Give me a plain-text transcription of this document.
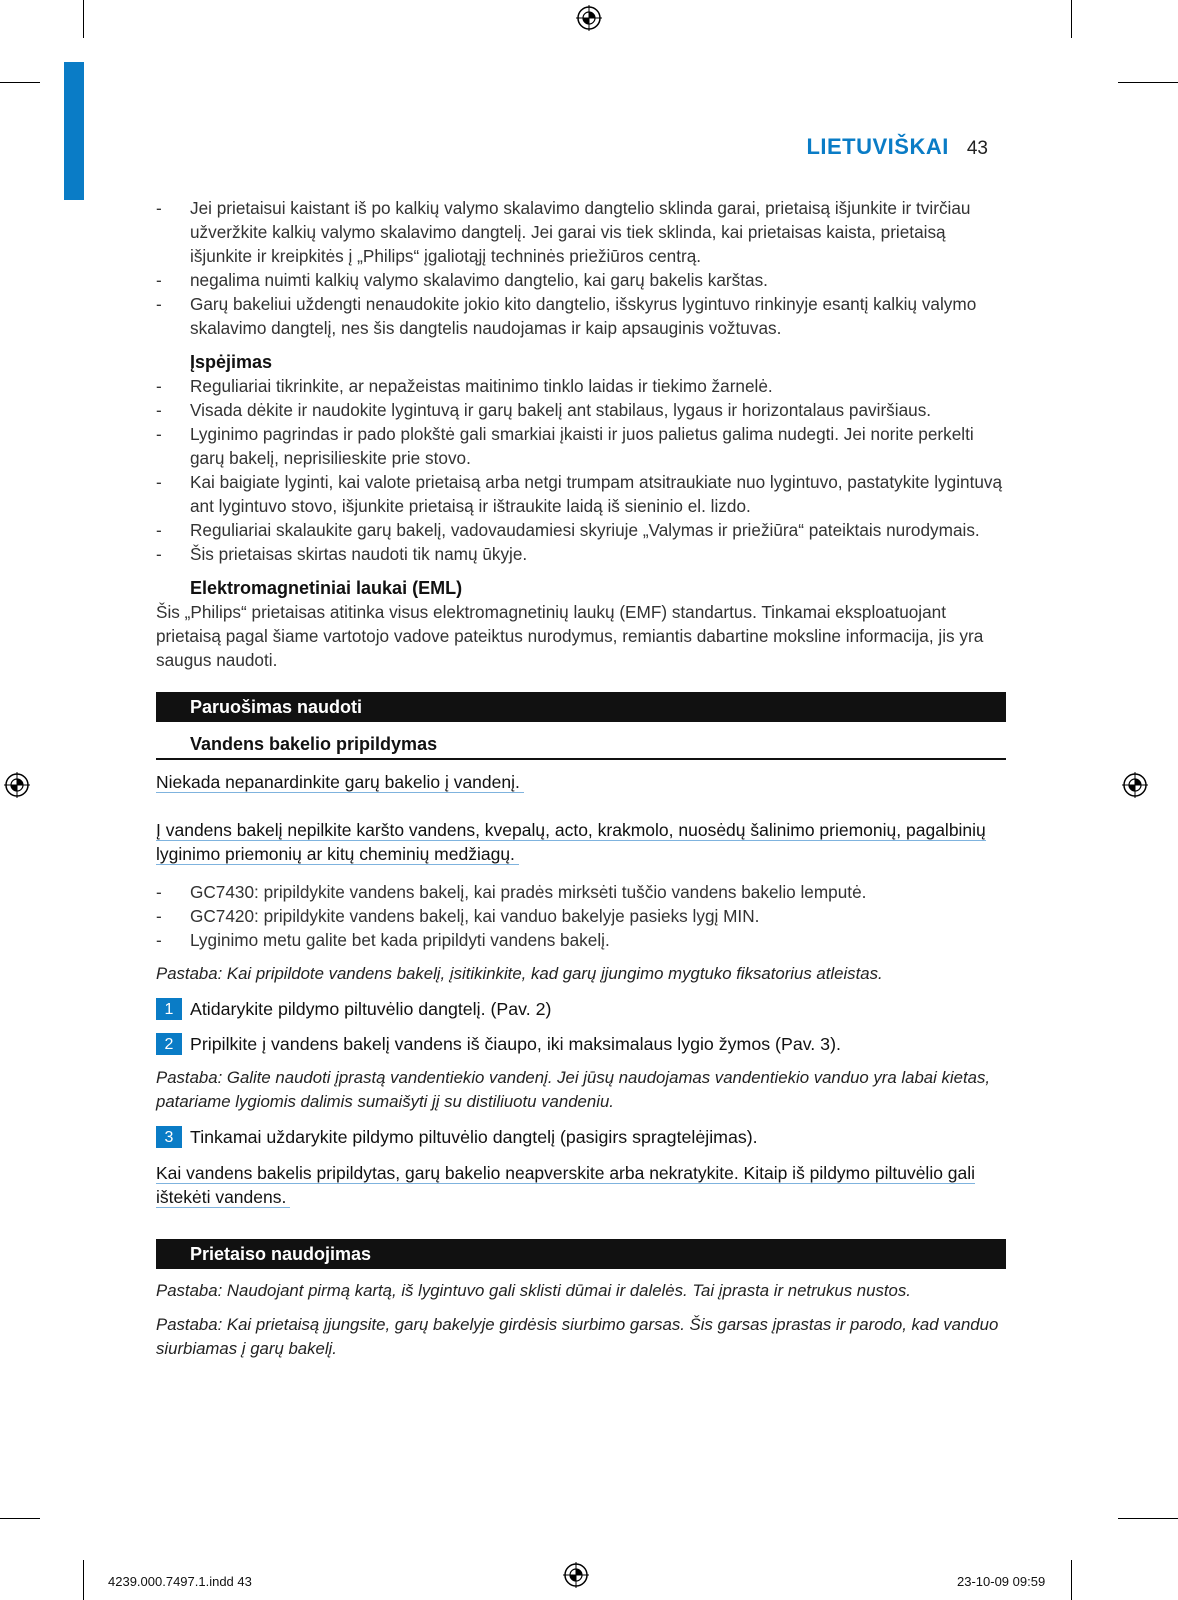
LIETUVIŠKAI 43
- Jei prietaisui kaistant iš po kalkių valymo skalavimo dangtelio sklinda garai, prietaisą išjunkite ir tvirčiau užveržkite kalkių valymo skalavimo dangtelį. Jei garai vis tiek sklinda, kai prietaisas kaista, prietaisą išjunkite ir kreipkitės į „Philips“ įgaliotąjį techninės priežiūros centrą.
- negalima nuimti kalkių valymo skalavimo dangtelio, kai garų bakelis karštas.
- Garų bakeliui uždengti nenaudokite jokio kito dangtelio, išskyrus lygintuvo rinkinyje esantį kalkių valymo skalavimo dangtelį, nes šis dangtelis naudojamas ir kaip apsauginis vožtuvas.
Įspėjimas
- Reguliariai tikrinkite, ar nepažeistas maitinimo tinklo laidas ir tiekimo žarnelė.
- Visada dėkite ir naudokite lygintuvą ir garų bakelį ant stabilaus, lygaus ir horizontalaus paviršiaus.
- Lyginimo pagrindas ir pado plokštė gali smarkiai įkaisti ir juos palietus galima nudegti. Jei norite perkelti garų bakelį, neprisilieskite prie stovo.
- Kai baigiate lyginti, kai valote prietaisą arba netgi trumpam atsitraukiate nuo lygintuvo, pastatykite lygintuvą ant lygintuvo stovo, išjunkite prietaisą ir ištraukite laidą iš sieninio el. lizdo.
- Reguliariai skalaukite garų bakelį, vadovaudamiesi skyriuje „Valymas ir priežiūra“ pateiktais nurodymais.
- Šis prietaisas skirtas naudoti tik namų ūkyje.
Elektromagnetiniai laukai (EML)
Šis „Philips“ prietaisas atitinka visus elektromagnetinių laukų (EMF) standartus. Tinkamai eksploatuojant prietaisą pagal šiame vartotojo vadove pateiktus nurodymus, remiantis dabartine moksline informacija, jis yra saugus naudoti.
Paruošimas naudoti
Vandens bakelio pripildymas
Niekada nepanardinkite garų bakelio į vandenį.
Į vandens bakelį nepilkite karšto vandens, kvepalų, acto, krakmolo, nuosėdų šalinimo priemonių, pagalbinių lyginimo priemonių ar kitų cheminių medžiagų.
- GC7430: pripildykite vandens bakelį, kai pradės mirksėti tuščio vandens bakelio lemputė.
- GC7420: pripildykite vandens bakelį, kai vanduo bakelyje pasieks lygį MIN.
- Lyginimo metu galite bet kada pripildyti vandens bakelį.
Pastaba: Kai pripildote vandens bakelį, įsitikinkite, kad garų įjungimo mygtuko fiksatorius atleistas.
1 Atidarykite pildymo piltuvėlio dangtelį. (Pav. 2)
2 Pripilkite į vandens bakelį vandens iš čiaupo, iki maksimalaus lygio žymos (Pav. 3).
Pastaba: Galite naudoti įprastą vandentiekio vandenį. Jei jūsų naudojamas vandentiekio vanduo yra labai kietas, patariame lygiomis dalimis sumaišyti jį su distiliuotu vandeniu.
3 Tinkamai uždarykite pildymo piltuvėlio dangtelį (pasigirs spragtelėjimas).
Kai vandens bakelis pripildytas, garų bakelio neapverskite arba nekratykite. Kitaip iš pildymo piltuvėlio gali ištekėti vandens.
Prietaiso naudojimas
Pastaba: Naudojant pirmą kartą, iš lygintuvo gali sklisti dūmai ir dalelės. Tai įprasta ir netrukus nustos.
Pastaba: Kai prietaisą įjungsite, garų bakelyje girdėsis siurbimo garsas. Šis garsas įprastas ir parodo, kad vanduo siurbiamas į garų bakelį.
4239.000.7497.1.indd 43	23-10-09 09:59
